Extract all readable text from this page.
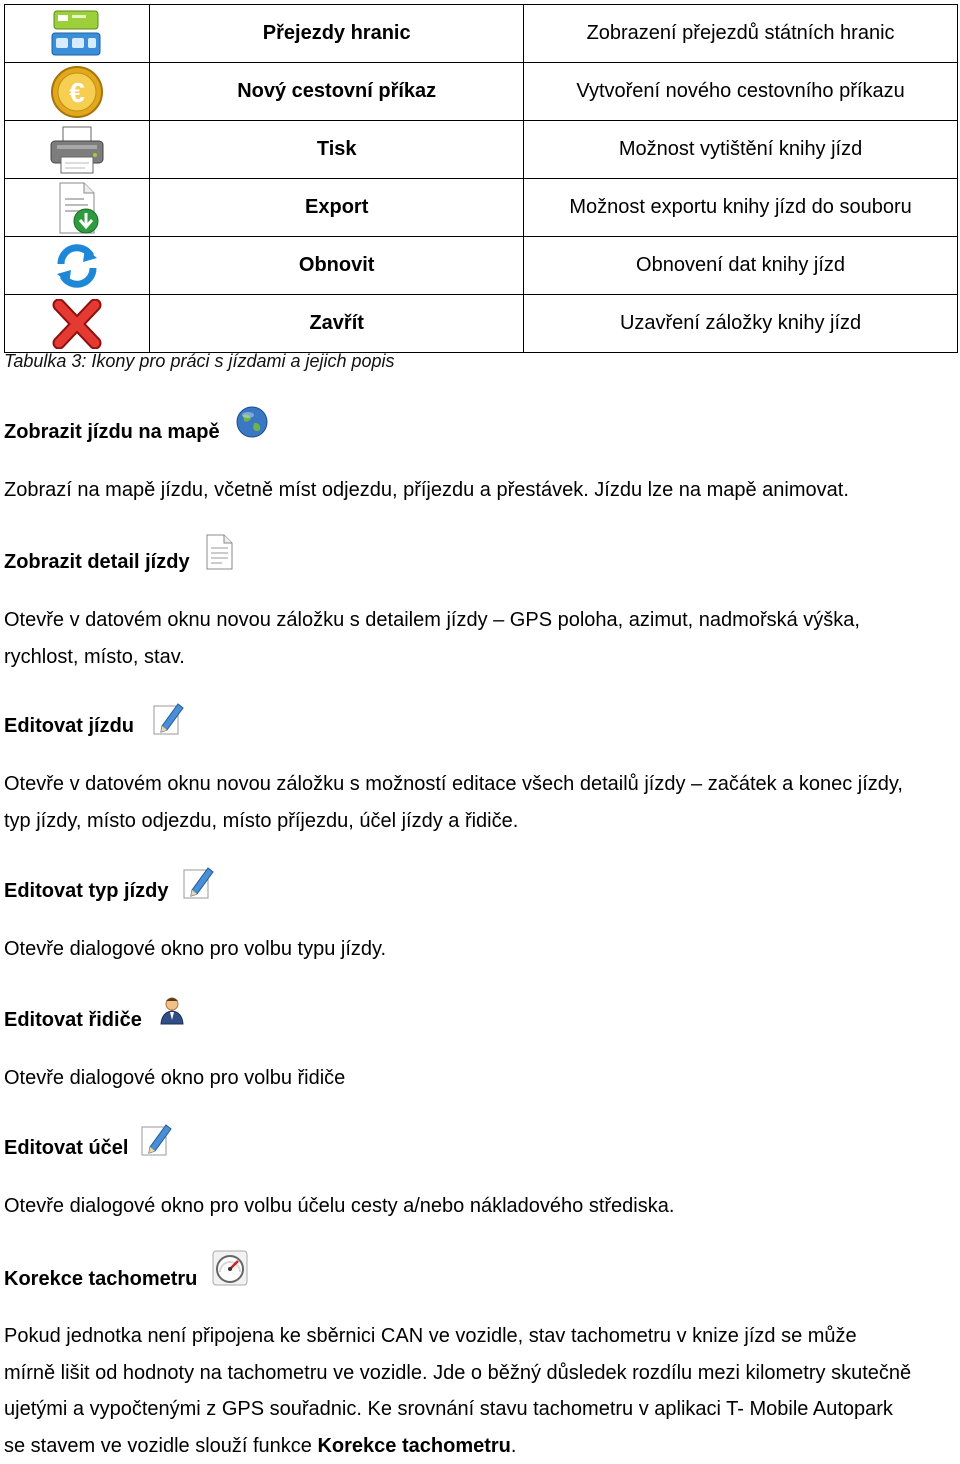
	Přejezdy hranic	Zobrazení přejezdů státních hranic

€	Nový cestovní příkaz	Vytvoření nového cestovního příkazu

	Tisk	Možnost vytištění knihy jízd

	Export	Možnost exportu knihy jízd do souboru

	Obnovit	Obnovení dat knihy jízd

	Zavřít	Uzavření záložky knihy jízd
Tabulka 3: Ikony pro práci s jízdami a jejich popis
Zobrazit jízdu na mapě
Zobrazí na mapě jízdu, včetně míst odjezdu, příjezdu a přestávek. Jízdu lze na mapě animovat.
Zobrazit detail jízdy
Otevře v datovém oknu novou záložku s detailem jízdy – GPS poloha, azimut, nadmořská výška,
rychlost, místo, stav.
Editovat jízdu
Otevře v datovém oknu novou záložku s možností editace všech detailů jízdy – začátek a konec jízdy,
typ jízdy, místo odjezdu, místo příjezdu, účel jízdy a řidiče.
Editovat typ jízdy
Otevře dialogové okno pro volbu typu jízdy.
Editovat řidiče
Otevře dialogové okno pro volbu řidiče
Editovat účel
Otevře dialogové okno pro volbu účelu cesty a/nebo nákladového střediska.
Korekce tachometru
Pokud jednotka není připojena ke sběrnici CAN ve vozidle, stav tachometru v knize jízd se může
mírně lišit od hodnoty na tachometru ve vozidle. Jde o běžný důsledek rozdílu mezi kilometry skutečně
ujetými a vypočtenými z GPS souřadnic. Ke srovnání stavu tachometru v aplikaci T- Mobile Autopark
se stavem ve vozidle slouží funkce Korekce tachometru.
